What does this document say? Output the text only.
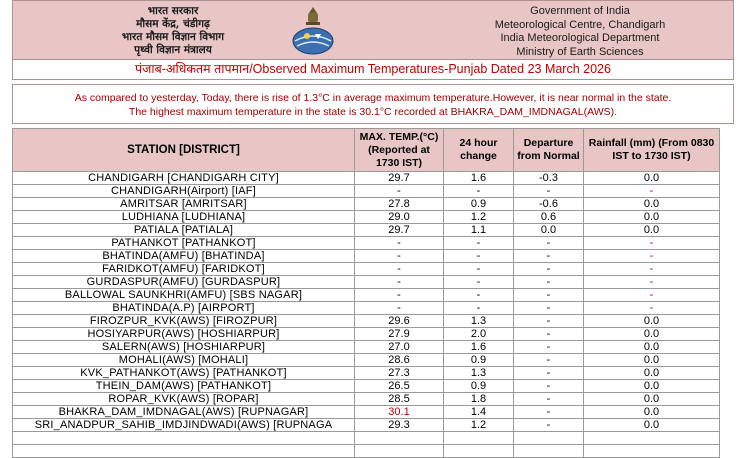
भारत सरकार
मौसम केंद्र, चंडीगढ़
भारत मौसम विज्ञान विभाग
पृथ्वी विज्ञान मंत्रालय
Government of India
Meteorological Centre, Chandigarh
India Meteorological Department
Ministry of Earth Sciences
पंजाब-अधिकतम तापमान/Observed Maximum Temperatures-Punjab Dated 23 March 2026
As compared to yesterday, Today, there is rise of 1.3°C in average maximum temperature.However, it is near normal in the state.
The highest maximum temperature in the state is 30.1°C recorded at BHAKRA_DAM_IMDNAGAL(AWS).
STATION [DISTRICT]	MAX. TEMP.(°C) (Reported at 1730 IST)	24 hour change	Departure from Normal	Rainfall (mm) (From 0830 IST to 1730 IST)
CHANDIGARH [CHANDIGARH CITY]	29.7	1.6	-0.3	0.0
CHANDIGARH(Airport) [IAF]	-	-	-	-
AMRITSAR [AMRITSAR]	27.8	0.9	-0.6	0.0
LUDHIANA [LUDHIANA]	29.0	1.2	0.6	0.0
PATIALA [PATIALA]	29.7	1.1	0.0	0.0
PATHANKOT [PATHANKOT]	-	-	-	-
BHATINDA(AMFU) [BHATINDA]	-	-	-	-
FARIDKOT(AMFU) [FARIDKOT]	-	-	-	-
GURDASPUR(AMFU) [GURDASPUR]	-	-	-	-
BALLOWAL SAUNKHRI(AMFU) [SBS NAGAR]	-	-	-	-
BHATINDA(A.P) [AIRPORT]	-	-	-	-
FIROZPUR_KVK(AWS) [FIROZPUR]	29.6	1.3	-	0.0
HOSIYARPUR(AWS) [HOSHIARPUR]	27.9	2.0	-	0.0
SALERN(AWS) [HOSHIARPUR]	27.0	1.6	-	0.0
MOHALI(AWS) [MOHALI]	28.6	0.9	-	0.0
KVK_PATHANKOT(AWS) [PATHANKOT]	27.3	1.3	-	0.0
THEIN_DAM(AWS) [PATHANKOT]	26.5	0.9	-	0.0
ROPAR_KVK(AWS) [ROPAR]	28.5	1.8	-	0.0
BHAKRA_DAM_IMDNAGAL(AWS) [RUPNAGAR]	30.1	1.4	-	0.0
SRI_ANADPUR_SAHIB_IMDJINDWADI(AWS) [RUPNAGA	29.3	1.2	-	0.0
